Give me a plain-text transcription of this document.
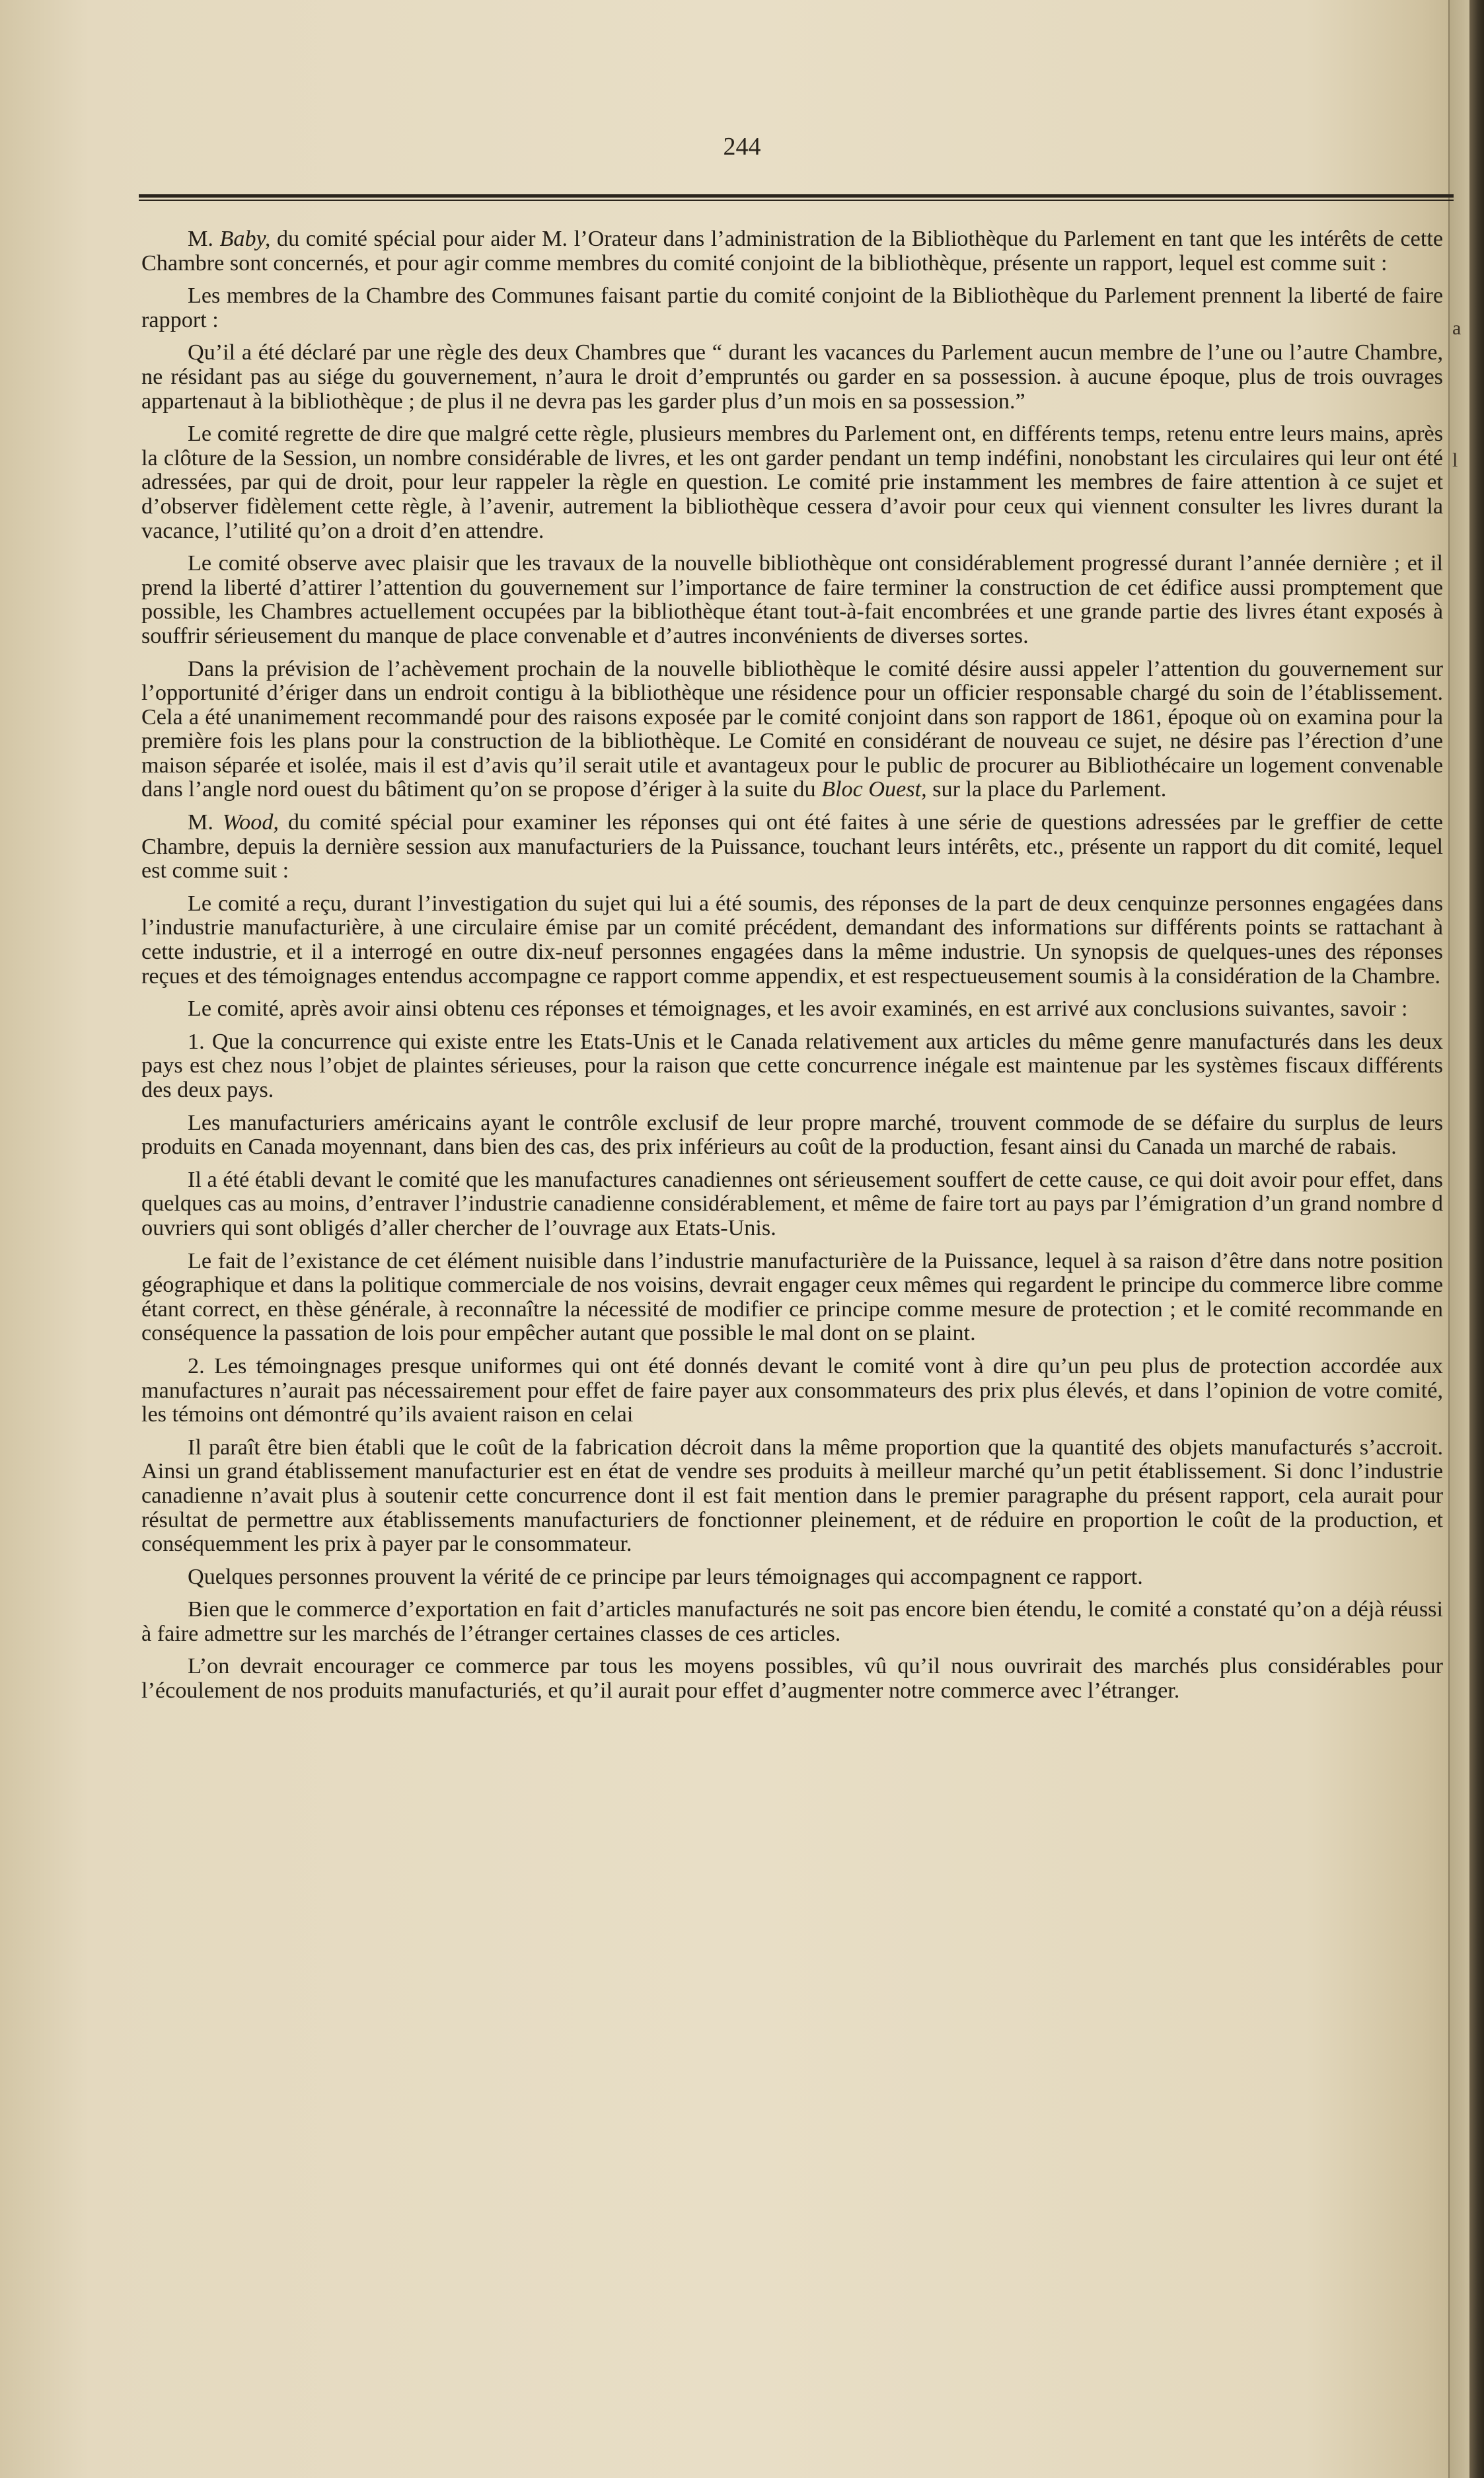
a
l
244

M. Baby, du comité spécial pour aider M. l’Orateur dans l’administration de la Bibliothèque du Parlement en tant que les intérêts de cette Chambre sont concernés, et pour agir comme membres du comité conjoint de la bibliothèque, présente un rapport, lequel est comme suit :

Les membres de la Chambre des Communes faisant partie du comité conjoint de la Bibliothèque du Parlement prennent la liberté de faire rapport :

Qu’il a été déclaré par une règle des deux Chambres que “ durant les vacances du Parlement aucun membre de l’une ou l’autre Chambre, ne résidant pas au siége du gouvernement, n’aura le droit d’empruntés ou garder en sa possession. à aucune époque, plus de trois ouvrages appartenaut à la bibliothèque ; de plus il ne devra pas les garder plus d’un mois en sa possession.”

Le comité regrette de dire que malgré cette règle, plusieurs membres du Parlement ont, en différents temps, retenu entre leurs mains, après la clôture de la Session, un nombre considérable de livres, et les ont garder pendant un temp indéfini, nonobstant les circulaires qui leur ont été adressées, par qui de droit, pour leur rappeler la règle en question. Le comité prie instamment les membres de faire attention à ce sujet et d’observer fidèlement cette règle, à l’avenir, autrement la bibliothèque cessera d’avoir pour ceux qui viennent consulter les livres durant la vacance, l’utilité qu’on a droit d’en attendre.

Le comité observe avec plaisir que les travaux de la nouvelle bibliothèque ont considérablement progressé durant l’année dernière ; et il prend la liberté d’attirer l’attention du gouvernement sur l’importance de faire terminer la construction de cet édifice aussi promptement que possible, les Chambres actuellement occupées par la bibliothèque étant tout-à-fait encombrées et une grande partie des livres étant exposés à souffrir sérieusement du manque de place convenable et d’autres inconvénients de diverses sortes.

Dans la prévision de l’achèvement prochain de la nouvelle bibliothèque le comité désire aussi appeler l’attention du gouvernement sur l’opportunité d’ériger dans un endroit contigu à la bibliothèque une résidence pour un officier responsable chargé du soin de l’établissement. Cela a été unanimement recommandé pour des raisons exposée par le comité conjoint dans son rapport de 1861, époque où on examina pour la première fois les plans pour la construction de la bibliothèque. Le Comité en considérant de nouveau ce sujet, ne désire pas l’érection d’une maison séparée et isolée, mais il est d’avis qu’il serait utile et avantageux pour le public de procurer au Bibliothécaire un logement convenable dans l’angle nord ouest du bâtiment qu’on se propose d’ériger à la suite du Bloc Ouest, sur la place du Parlement.

M. Wood, du comité spécial pour examiner les réponses qui ont été faites à une série de questions adressées par le greffier de cette Chambre, depuis la dernière session aux manufacturiers de la Puissance, touchant leurs intérêts, etc., présente un rapport du dit comité, lequel est comme suit :

Le comité a reçu, durant l’investigation du sujet qui lui a été soumis, des réponses de la part de deux cenquinze personnes engagées dans l’industrie manufacturière, à une circulaire émise par un comité précédent, demandant des informations sur différents points se rattachant à cette industrie, et il a interrogé en outre dix-neuf personnes engagées dans la même industrie. Un synopsis de quelques-unes des réponses reçues et des témoignages entendus accompagne ce rapport comme appendix, et est respectueusement soumis à la considération de la Chambre.

Le comité, après avoir ainsi obtenu ces réponses et témoignages, et les avoir examinés, en est arrivé aux conclusions suivantes, savoir :

1. Que la concurrence qui existe entre les Etats-Unis et le Canada relativement aux articles du même genre manufacturés dans les deux pays est chez nous l’objet de plaintes sérieuses, pour la raison que cette concurrence inégale est maintenue par les systèmes fiscaux différents des deux pays.

Les manufacturiers américains ayant le contrôle exclusif de leur propre marché, trouvent commode de se défaire du surplus de leurs produits en Canada moyennant, dans bien des cas, des prix inférieurs au coût de la production, fesant ainsi du Canada un marché de rabais.

Il a été établi devant le comité que les manufactures canadiennes ont sérieusement souffert de cette cause, ce qui doit avoir pour effet, dans quelques cas au moins, d’entraver l’industrie canadienne considérablement, et même de faire tort au pays par l’émigration d’un grand nombre d ouvriers qui sont obligés d’aller chercher de l’ouvrage aux Etats-Unis.

Le fait de l’existance de cet élément nuisible dans l’industrie manufacturière de la Puissance, lequel à sa raison d’être dans notre position géographique et dans la politique commerciale de nos voisins, devrait engager ceux mêmes qui regardent le principe du commerce libre comme étant correct, en thèse générale, à reconnaître la nécessité de modifier ce principe comme mesure de protection ; et le comité recommande en conséquence la passation de lois pour empêcher autant que possible le mal dont on se plaint.

2. Les témoingnages presque uniformes qui ont été donnés devant le comité vont à dire qu’un peu plus de protection accordée aux manufactures n’aurait pas nécessairement pour effet de faire payer aux consommateurs des prix plus élevés, et dans l’opinion de votre comité, les témoins ont démontré qu’ils avaient raison en celai

Il paraît être bien établi que le coût de la fabrication décroit dans la même proportion que la quantité des objets manufacturés s’accroit. Ainsi un grand établissement manufacturier est en état de vendre ses produits à meilleur marché qu’un petit établissement. Si donc l’industrie canadienne n’avait plus à soutenir cette concurrence dont il est fait mention dans le premier paragraphe du présent rapport, cela aurait pour résultat de permettre aux établissements manufacturiers de fonctionner pleinement, et de réduire en proportion le coût de la production, et conséquemment les prix à payer par le consommateur.

Quelques personnes prouvent la vérité de ce principe par leurs témoignages qui accompagnent ce rapport.

Bien que le commerce d’exportation en fait d’articles manufacturés ne soit pas encore bien étendu, le comité a constaté qu’on a déjà réussi à faire admettre sur les marchés de l’étranger certaines classes de ces articles.

L’on devrait encourager ce commerce par tous les moyens possibles, vû qu’il nous ouvrirait des marchés plus considérables pour l’écoulement de nos produits manufacturiés, et qu’il aurait pour effet d’augmenter notre commerce avec l’étranger.
